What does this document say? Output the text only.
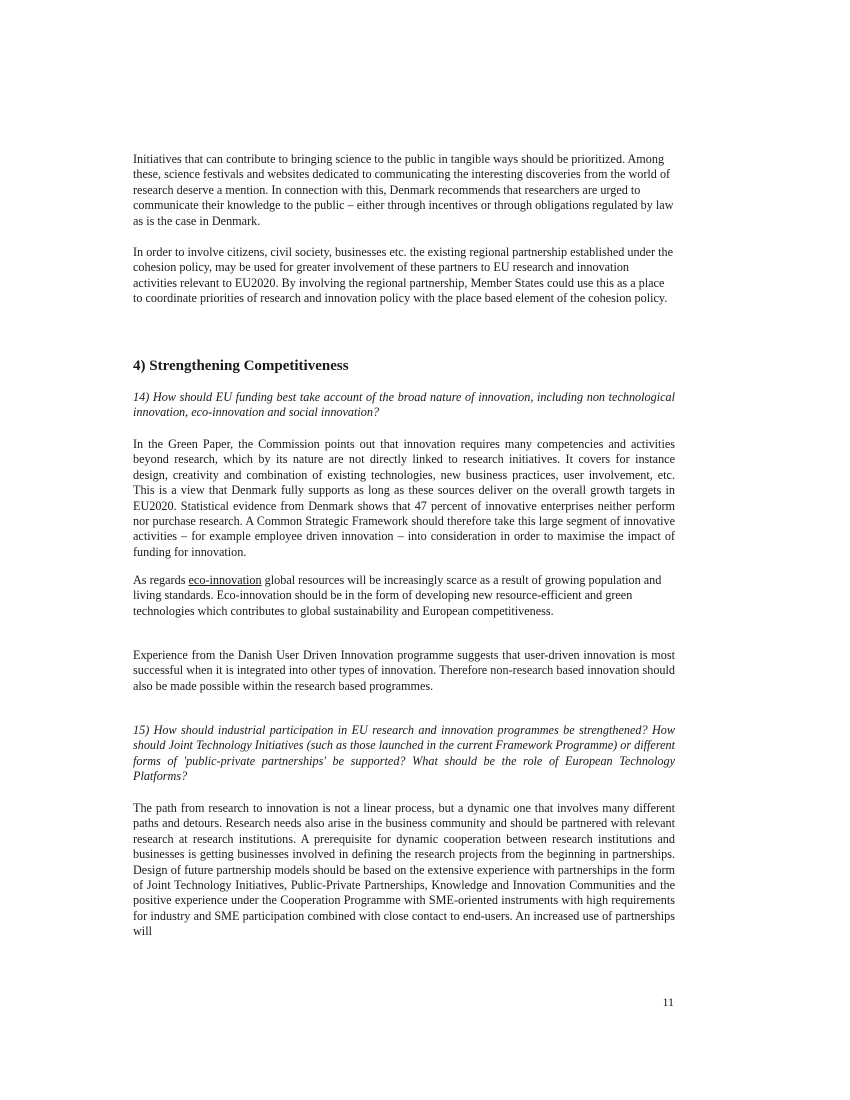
Initiatives that can contribute to bringing science to the public in tangible ways should be prioritized. Among these, science festivals and websites dedicated to communicating the interesting discoveries from the world of research deserve a mention. In connection with this, Denmark recommends that researchers are urged to communicate their knowledge to the public – either through incentives or through obligations regulated by law as is the case in Denmark.

In order to involve citizens, civil society, businesses etc. the existing regional partnership established under the cohesion policy, may be used for greater involvement of these partners to EU research and innovation activities relevant to EU2020. By involving the regional partnership, Member States could use this as a place to coordinate priorities of research and innovation policy with the place based element of the cohesion policy.

4) Strengthening Competitiveness

14) How should EU funding best take account of the broad nature of innovation, including non technological innovation, eco-innovation and social innovation?

In the Green Paper, the Commission points out that innovation requires many competencies and activities beyond research, which by its nature are not directly linked to research initiatives. It covers for instance design, creativity and combination of existing technologies, new business practices, user involvement, etc. This is a view that Denmark fully supports as long as these sources deliver on the overall growth targets in EU2020. Statistical evidence from Denmark shows that 47 percent of innovative enterprises neither perform nor purchase research. A Common Strategic Framework should therefore take this large segment of innovative activities – for example employee driven innovation – into consideration in order to maximise the impact of funding for innovation.

As regards eco-innovation global resources will be increasingly scarce as a result of growing population and living standards. Eco-innovation should be in the form of developing new resource-efficient and green technologies which contributes to global sustainability and European competitiveness.

Experience from the Danish User Driven Innovation programme suggests that user-driven innovation is most successful when it is integrated into other types of innovation. Therefore non-research based innovation should also be made possible within the research based programmes.

15) How should industrial participation in EU research and innovation programmes be strengthened? How should Joint Technology Initiatives (such as those launched in the current Framework Programme) or different forms of 'public-private partnerships' be supported? What should be the role of European Technology Platforms?

The path from research to innovation is not a linear process, but a dynamic one that involves many different paths and detours. Research needs also arise in the business community and should be partnered with relevant research at research institutions. A prerequisite for dynamic cooperation between research institutions and businesses is getting businesses involved in defining the research projects from the beginning in partnerships. Design of future partnership models should be based on the extensive experience with partnerships in the form of Joint Technology Initiatives, Public-Private Partnerships, Knowledge and Innovation Communities and the positive experience under the Cooperation Programme with SME-oriented instruments with high requirements for industry and SME participation combined with close contact to end-users. An increased use of partnerships will

11
